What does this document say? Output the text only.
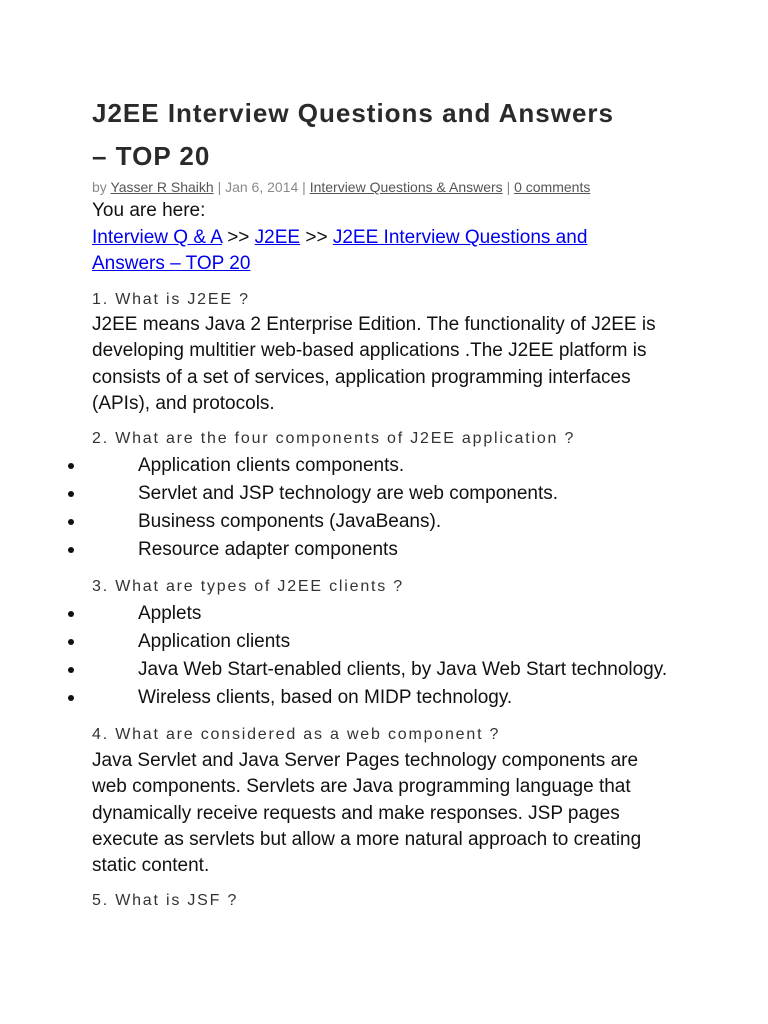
J2EE Interview Questions and Answers
– TOP 20
by Yasser R Shaikh | Jan 6, 2014 | Interview Questions & Answers | 0 comments
You are here:
Interview Q & A >> J2EE >> J2EE Interview Questions and
Answers – TOP 20
1. What is J2EE ?

J2EE means Java 2 Enterprise Edition. The functionality of J2EE is
developing multitier web-based applications .The J2EE platform is
consists of a set of services, application programming interfaces
(APIs), and protocols.

2. What are the four components of J2EE application ?
Application clients components.
Servlet and JSP technology are web components.
Business components (JavaBeans).
Resource adapter components
3. What are types of J2EE clients ?
Applets
Application clients
Java Web Start-enabled clients, by Java Web Start technology.
Wireless clients, based on MIDP technology.
4. What are considered as a web component ?

Java Servlet and Java Server Pages technology components are
web components. Servlets are Java programming language that
dynamically receive requests and make responses. JSP pages
execute as servlets but allow a more natural approach to creating
static content.

5. What is JSF ?
